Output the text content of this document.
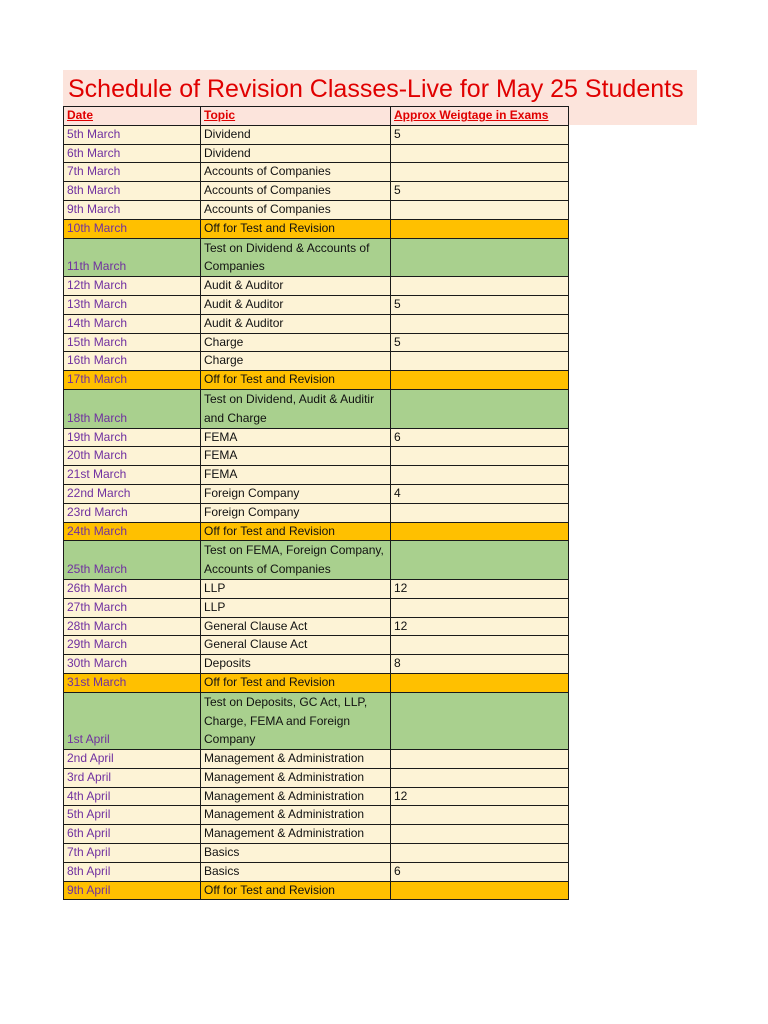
Schedule of Revision Classes-Live for May 25 Students
Date	Topic	Approx Weigtage in Exams
5th March	Dividend	5
6th March	Dividend	
7th March	Accounts of Companies	
8th March	Accounts of Companies	5
9th March	Accounts of Companies	
10th March	Off for Test and Revision	
11th March	Test on Dividend & Accounts of Companies	
12th March	Audit & Auditor	
13th March	Audit & Auditor	5
14th March	Audit & Auditor	
15th March	Charge	5
16th March	Charge	
17th March	Off for Test and Revision	
18th March	Test on Dividend, Audit & Auditir and Charge	
19th March	FEMA	6
20th March	FEMA	
21st March	FEMA	
22nd March	Foreign Company	4
23rd March	Foreign Company	
24th March	Off for Test and Revision	
25th March	Test on FEMA, Foreign Company, Accounts of Companies	
26th March	LLP	12
27th March	LLP	
28th March	General Clause Act	12
29th March	General Clause Act	
30th March	Deposits	8
31st March	Off for Test and Revision	
1st April	Test on Deposits, GC Act, LLP, Charge, FEMA and Foreign Company	
2nd April	Management & Administration	
3rd April	Management & Administration	
4th April	Management & Administration	12
5th April	Management & Administration	
6th April	Management & Administration	
7th April	Basics	
8th April	Basics	6
9th April	Off for Test and Revision	
